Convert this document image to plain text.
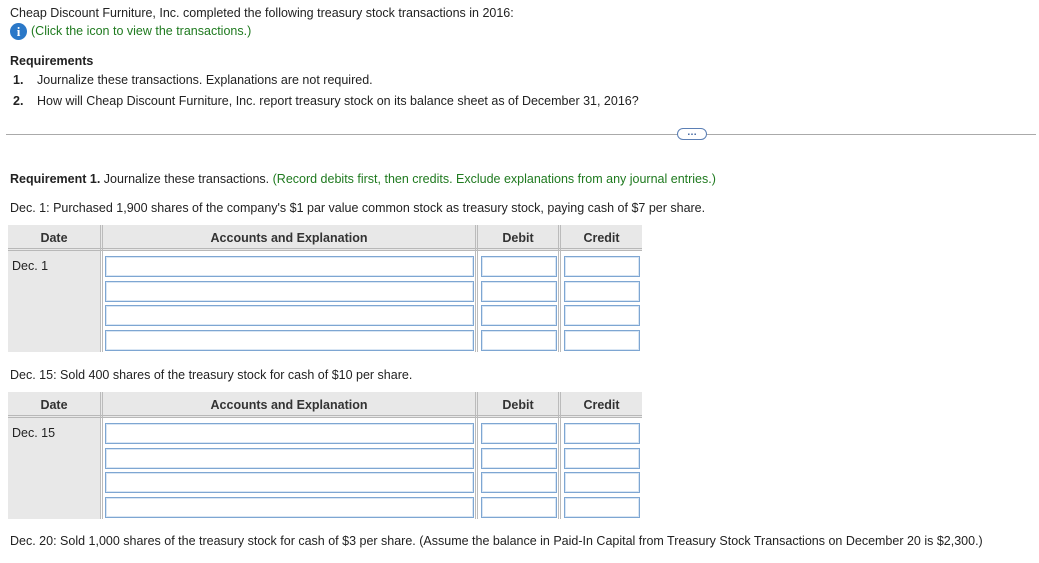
Cheap Discount Furniture, Inc. completed the following treasury stock transactions in 2016:
i (Click the icon to view the transactions.)
Requirements
1. Journalize these transactions. Explanations are not required.
2. How will Cheap Discount Furniture, Inc. report treasury stock on its balance sheet as of December 31, 2016?
…
Requirement 1. Journalize these transactions. (Record debits first, then credits. Exclude explanations from any journal entries.)
Dec. 1: Purchased 1,900 shares of the company's $1 par value common stock as treasury stock, paying cash of $7 per share.
Date	Accounts and Explanation	Debit	Credit
Dec. 1
Dec. 15: Sold 400 shares of the treasury stock for cash of $10 per share.
Date	Accounts and Explanation	Debit	Credit
Dec. 15
Dec. 20: Sold 1,000 shares of the treasury stock for cash of $3 per share. (Assume the balance in Paid-In Capital from Treasury Stock Transactions on December 20 is $2,300.)
